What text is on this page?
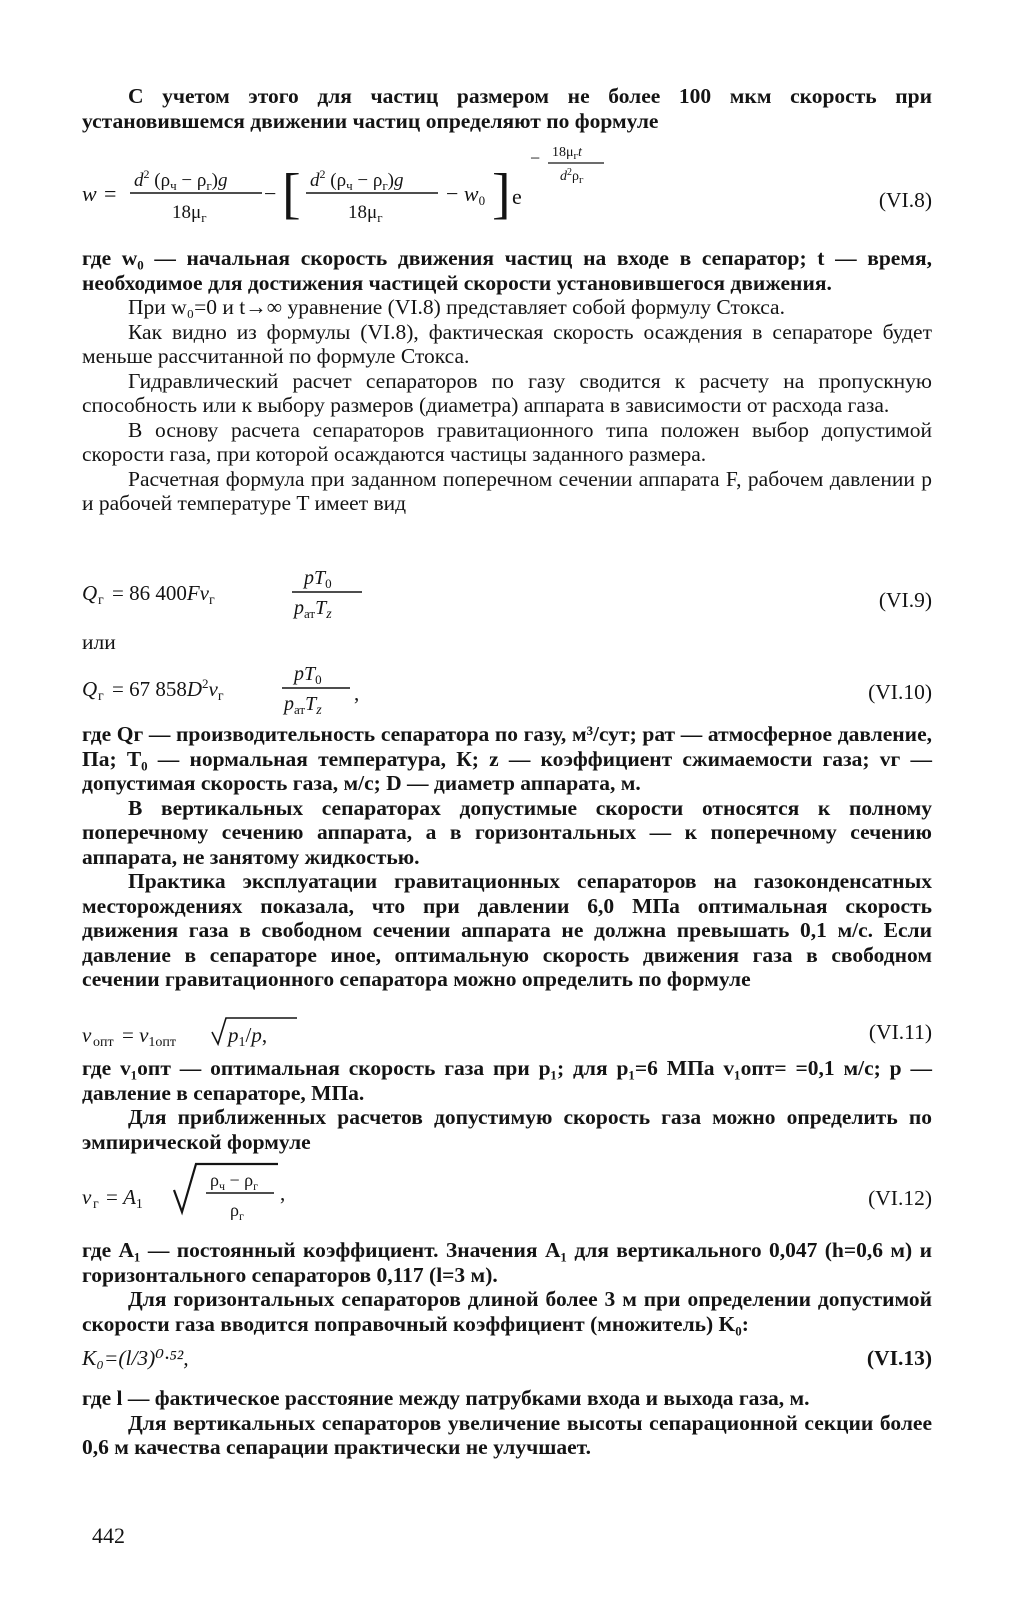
С учетом этого для частиц размером не более 100 мкм скорость при установившемся движении частиц определяют по формуле

w =
$d^2$ $(\rho_ч - \rho_г)g$
$18\mu_г$
− [ $d^2$ $(\rho_ч - \rho_г)g$
$18\mu_г$
− w0 ] e
− $18\mu_гt$
$d^2\rho_г$
(VI.8)

где w₀ — начальная скорость движения частиц на входе в сепаратор; t — время, необходимое для достижения частицей скорости установившегося движения.

При w₀=0 и t→∞ уравнение (VI.8) представляет собой формулу Стокса.

Как видно из формулы (VI.8), фактическая скорость осаждения в сепараторе будет меньше рассчитанной по формуле Стокса.

Гидравлический расчет сепараторов по газу сводится к расчету на пропускную способность или к выбору размеров (диаметра) аппарата в зависимости от расхода газа.

В основу расчета сепараторов гравитационного типа положен выбор допустимой скорости газа, при которой осаждаются частицы заданного размера.

Расчетная формула при заданном поперечном сечении аппарата F, рабочем давлении p и рабочей температуре T имеет вид

Q г = 86 400Fvг
$pT_0$
$p_{ат}T_z$
(VI.9)

или

Q г = 67 $858D^2vг$
$pT_0$
$p_{ат}T_z$
,	(VI.10)

где Qг — производительность сепаратора по газу, м³/сут; pат — атмосферное давление, Па; T₀ — нормальная температура, К; z — коэффициент сжимаемости газа; vг — допустимая скорость газа, м/с; D — диаметр аппарата, м.

В вертикальных сепараторах допустимые скорости относятся к полному поперечному сечению аппарата, а в горизонтальных — к поперечному сечению аппарата, не занятому жидкостью.

Практика эксплуатации гравитационных сепараторов на газоконденсатных месторождениях показала, что при давлении 6,0 МПа оптимальная скорость движения газа в свободном сечении аппарата не должна превышать 0,1 м/с. Если давление в сепараторе иное, оптимальную скорость движения газа в свободном сечении гравитационного сепаратора можно определить по формуле

v опт = v1опт p1/p,	(VI.11)

где v₁опт — оптимальная скорость газа при p₁; для p₁=6 МПа v₁опт= =0,1 м/с; p — давление в сепараторе, МПа.

Для приближенных расчетов допустимую скорость газа можно определить по эмпирической формуле

v г = A1
$\rho_ч - \rho_г$
$\rho_г$
,	(VI.12)

где A₁ — постоянный коэффициент. Значения A₁ для вертикального 0,047 (h=0,6 м) и горизонтального сепараторов 0,117 (l=3 м).

Для горизонтальных сепараторов длиной более 3 м при определении допустимой скорости газа вводится поправочный коэффициент (множитель) K₀:

K₀=(l/3)⁰·⁵²,	(VI.13)

где l — фактическое расстояние между патрубками входа и выхода газа, м.

Для вертикальных сепараторов увеличение высоты сепарационной секции более 0,6 м качества сепарации практически не улучшает.

442
